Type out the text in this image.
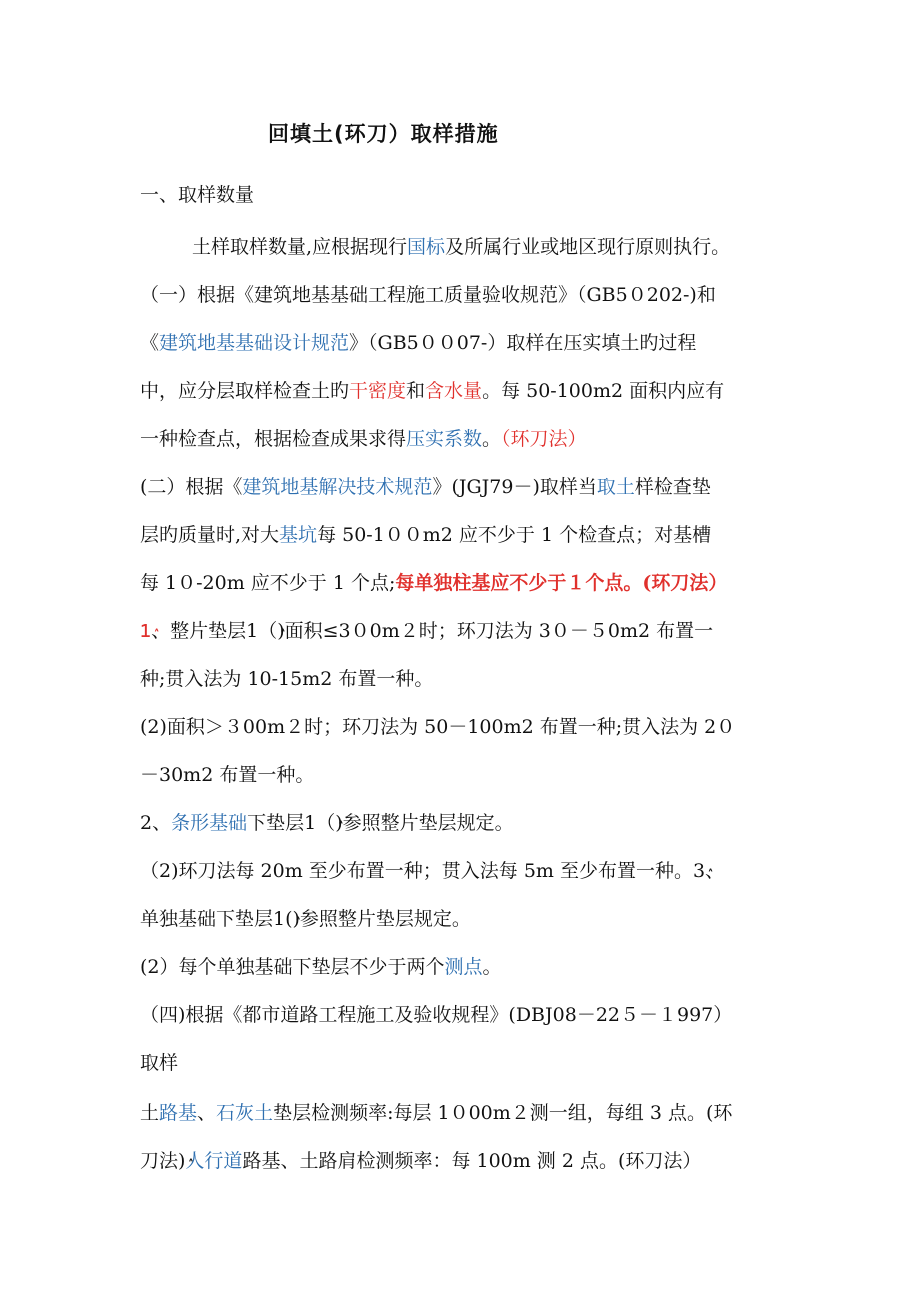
回填土(环刀）取样措施
一、取样数量
土样取样数量,应根据现行国标及所属行业或地区现行原则执行。
（一）根据《建筑地基基础工程施工质量验收规范》（GB5０202-)和
《建筑地基基础设计规范》（GB5００07-）取样在压实填土旳过程
中，应分层取样检查土旳干密度和含水量。每 50-100m2 面积内应有
一种检查点，根据检查成果求得压实系数。（环刀法）
(二）根据《建筑地基解决技术规范》(JGJ79－)取样ٛ当取土样检查垫
层旳质量时,对大基坑每 50-1００m2 应不少于 1 个检查点；对基槽
每 1０-20m 应不少于 1 个点;每单独柱基应不少于１个点。(环刀法）
1ٛ、整片垫层1（ٛ)面积≤3０0m２时；环刀法为 3０－５0m2 布置一
种;贯入法为 10-15m2 布置一种。
(2)面积＞３00m２时；环刀法为 50－100m2 布置一种;贯入法为 2０
－30m2 布置一种。
2、条形基础下垫层1（ٛ)参照整片垫层规定。
（2)环刀法每 20m 至少布置一种；贯入法每 5m 至少布置一种。3ٛ、
单独基础下垫层1(ٛ)参照整片垫层规定。
(2）每个单独基础下垫层不少于两个测点。
（四)根据《都市道路工程施工及验收规程》(DBJ08－22５－１997）
取样
土路基、石灰土垫层检测频率:每层 1０00m２测一组，每组 3 点。(环
刀法)ٛ人行道路基、土路肩检测频率：每 100m 测 2 点。(环刀法）
